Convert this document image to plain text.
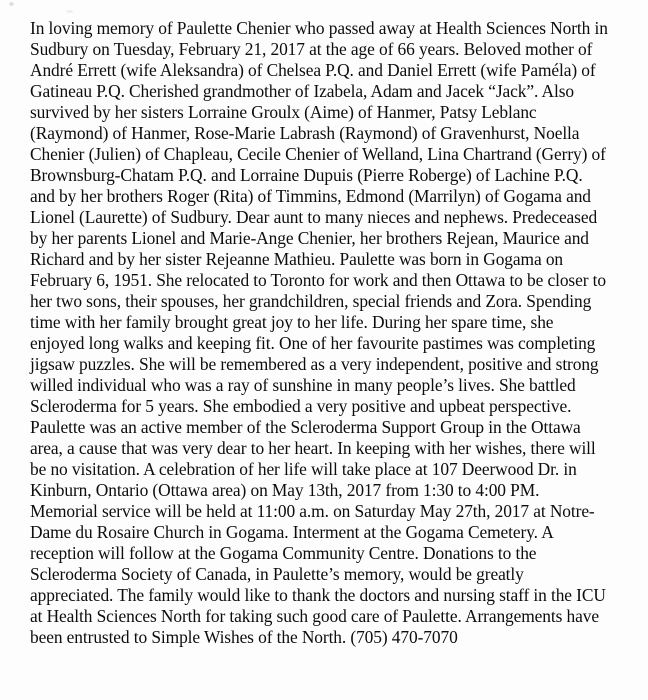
In loving memory of Paulette Chenier who passed away at Health Sciences North in
Sudbury on Tuesday, February 21, 2017 at the age of 66 years. Beloved mother of
André Errett (wife Aleksandra) of Chelsea P.Q. and Daniel Errett (wife Paméla) of
Gatineau P.Q. Cherished grandmother of Izabela, Adam and Jacek “Jack”. Also
survived by her sisters Lorraine Groulx (Aime) of Hanmer, Patsy Leblanc
(Raymond) of Hanmer, Rose-Marie Labrash (Raymond) of Gravenhurst, Noella
Chenier (Julien) of Chapleau, Cecile Chenier of Welland, Lina Chartrand (Gerry) of
Brownsburg-Chatam P.Q. and Lorraine Dupuis (Pierre Roberge) of Lachine P.Q.
and by her brothers Roger (Rita) of Timmins, Edmond (Marrilyn) of Gogama and
Lionel (Laurette) of Sudbury. Dear aunt to many nieces and nephews. Predeceased
by her parents Lionel and Marie-Ange Chenier, her brothers Rejean, Maurice and
Richard and by her sister Rejeanne Mathieu. Paulette was born in Gogama on
February 6, 1951. She relocated to Toronto for work and then Ottawa to be closer to
her two sons, their spouses, her grandchildren, special friends and Zora. Spending
time with her family brought great joy to her life. During her spare time, she
enjoyed long walks and keeping fit. One of her favourite pastimes was completing
jigsaw puzzles. She will be remembered as a very independent, positive and strong
willed individual who was a ray of sunshine in many people’s lives. She battled
Scleroderma for 5 years. She embodied a very positive and upbeat perspective.
Paulette was an active member of the Scleroderma Support Group in the Ottawa
area, a cause that was very dear to her heart. In keeping with her wishes, there will
be no visitation. A celebration of her life will take place at 107 Deerwood Dr. in
Kinburn, Ontario (Ottawa area) on May 13th, 2017 from 1:30 to 4:00 PM.
Memorial service will be held at 11:00 a.m. on Saturday May 27th, 2017 at Notre-
Dame du Rosaire Church in Gogama. Interment at the Gogama Cemetery. A
reception will follow at the Gogama Community Centre. Donations to the
Scleroderma Society of Canada, in Paulette’s memory, would be greatly
appreciated. The family would like to thank the doctors and nursing staff in the ICU
at Health Sciences North for taking such good care of Paulette. Arrangements have
been entrusted to Simple Wishes of the North. (705) 470-7070
